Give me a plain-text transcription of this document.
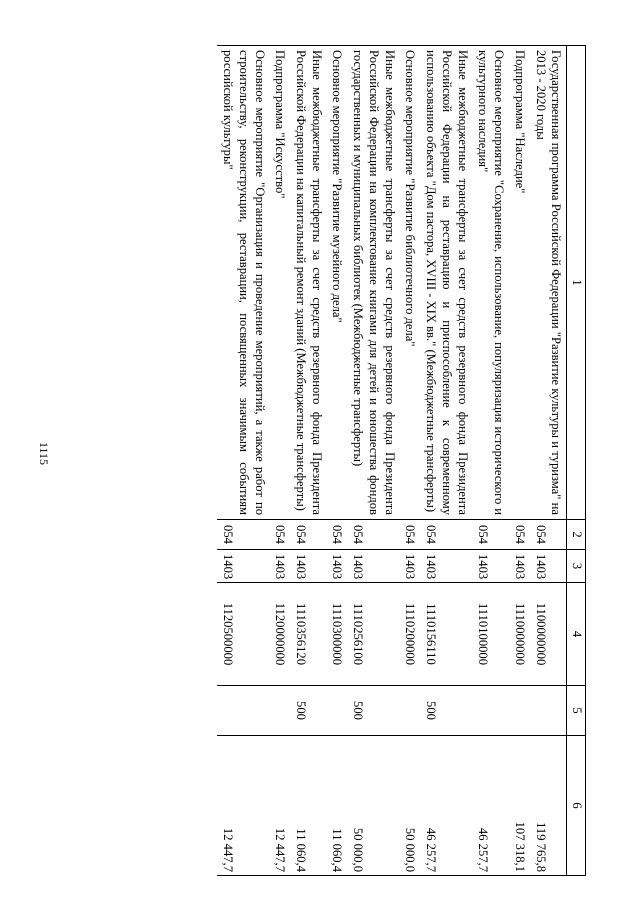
1115
1	2	3	4	5	6
Государственная программа Российской Федерации "Развитие культуры и туризма" на 2013 - 2020 годы	054	1403	1100000000		119 765,8
Подпрограмма "Наследие"	054	1403	1110000000		107 318,1
Основное мероприятие "Сохранение, использование, популяризация исторического и культурного наследия"	054	1403	1110100000		46 257,7
Иные межбюджетные трансферты за счет средств резервного фонда Президента Российской Федерации на реставрацию и приспособление к современному использованию объекта "Дом пастора, XVIII - XIX вв." (Межбюджетные трансферты)	054	1403	1110156110	500	46 257,7
Основное мероприятие "Развитие библиотечного дела"	054	1403	1110200000		50 000,0
Иные межбюджетные трансферты за счет средств резервного фонда Президента Российской Федерации на комплектование книгами для детей и юношества фондов государственных и муниципальных библиотек (Межбюджетные трансферты)	054	1403	1110256100	500	50 000,0
Основное мероприятие "Развитие музейного дела"	054	1403	1110300000		11 060,4
Иные межбюджетные трансферты за счет средств резервного фонда Президента Российской Федерации на капитальный ремонт зданий (Межбюджетные трансферты)	054	1403	1110356120	500	11 060,4
Подпрограмма "Искусство"	054	1403	1120000000		12 447,7
Основное мероприятие "Организация и проведение мероприятий, а также работ по строительству, реконструкции, реставрации, посвященных значимым событиям российской культуры"	054	1403	1120500000		12 447,7
